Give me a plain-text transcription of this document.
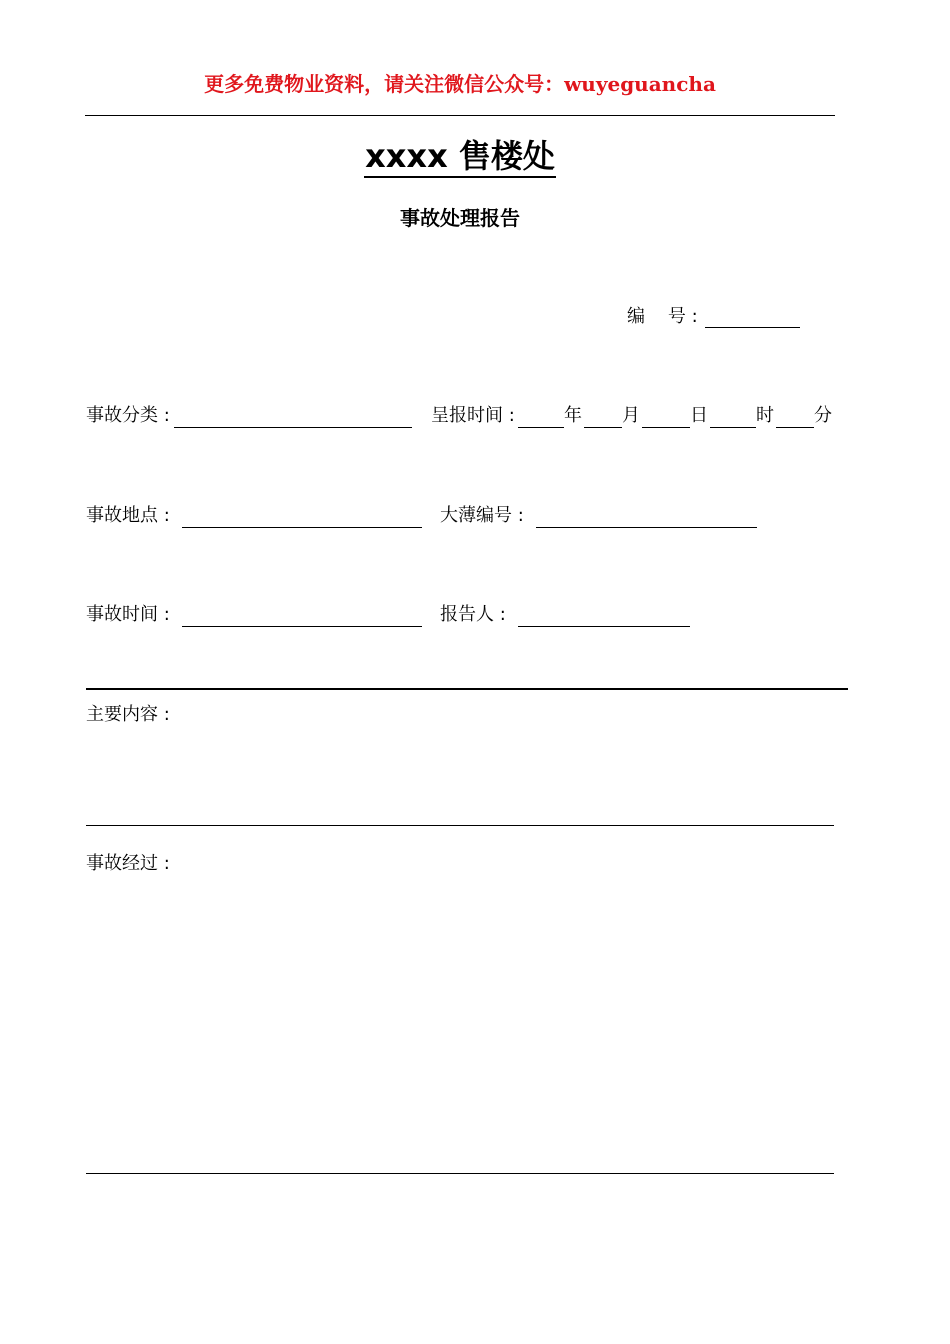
更多免费物业资料，请关注微信公众号：wuyeguancha
xxxx 售楼处
事故处理报告
编    号 :
事故分类 :	呈报时间 :	年 月	日	时 分
事故地点 :	大薄编号 :
事故时间 :	报告人 :
主要内容 :
事故经过 :
